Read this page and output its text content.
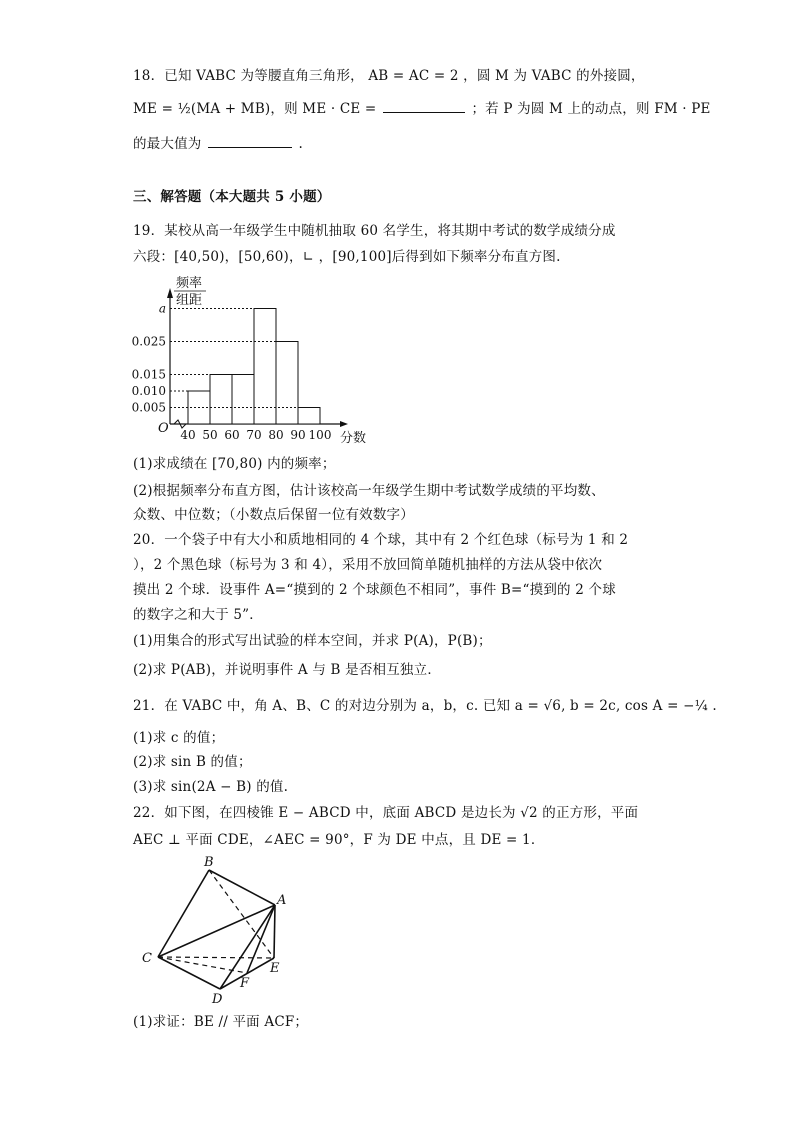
18．已知 VABC 为等腰直角三角形， AB = AC = 2 ，圆 M 为 VABC 的外接圆，
ME = ½(MA + MB)，则 ME · CE =	；若 P 为圆 M 上的动点，则 FM · PE
的最大值为	.
三、解答题（本大题共 5 小题）
19．某校从高一年级学生中随机抽取 60 名学生，将其期中考试的数学成绩分成
六段：[40,50)，[50,60)，∟ ，[90,100]后得到如下频率分布直方图.
0.005
0.010
0.015
0.025
a
40 50 60 70 80 90 100
O
分数
频率
组距
(1)求成绩在 [70,80) 内的频率；
(2)根据频率分布直方图，估计该校高一年级学生期中考试数学成绩的平均数、
众数、中位数；（小数点后保留一位有效数字）
20．一个袋子中有大小和质地相同的 4 个球，其中有 2 个红色球（标号为 1 和 2
），2 个黑色球（标号为 3 和 4），采用不放回简单随机抽样的方法从袋中依次
摸出 2 个球．设事件 A=“摸到的 2 个球颜色不相同”，事件 B=“摸到的 2 个球
的数字之和大于 5”．
(1)用集合的形式写出试验的样本空间，并求 P(A)，P(B)；
(2)求 P(AB)，并说明事件 A 与 B 是否相互独立．
21．在 VABC 中，角 A、B、C 的对边分别为 a，b，c. 已知 a = √6, b = 2c, cos A = −¼ .
(1)求 c 的值；
(2)求 sin B 的值；
(3)求 sin(2A − B) 的值.
22．如下图，在四棱锥 E − ABCD 中，底面 ABCD 是边长为 √2 的正方形，平面
AEC ⊥ 平面 CDE，∠AEC = 90°，F 为 DE 中点，且 DE = 1．
B
A
C
E
F
D
(1)求证：BE // 平面 ACF；
